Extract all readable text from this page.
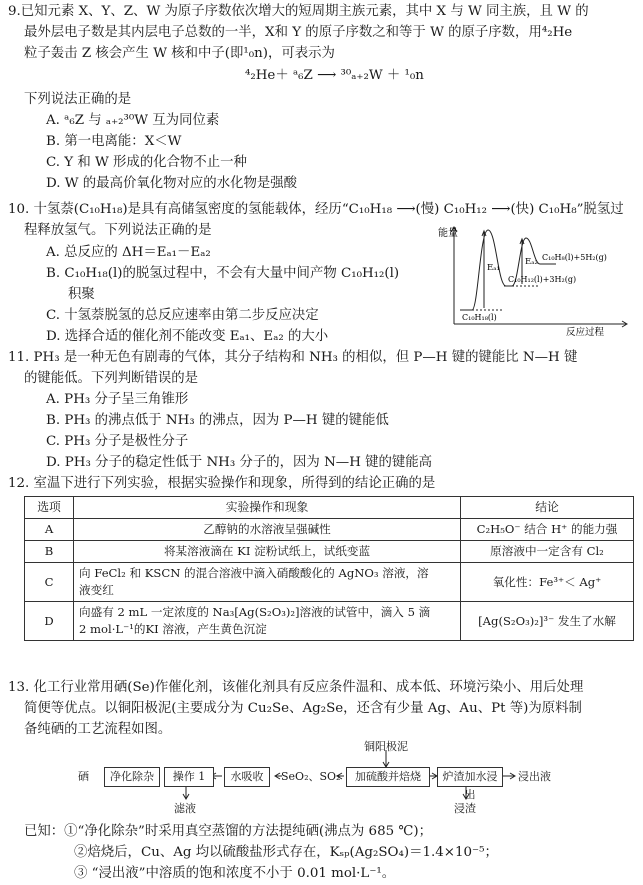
9.已知元素 X、Y、Z、W 为原子序数依次增大的短周期主族元素，其中 X 与 W 同主族，且 W 的
最外层电子数是其内层电子总数的一半，X和 Y 的原子序数之和等于 W 的原子序数，用⁴₂He
粒子轰击 Z 核会产生 W 核和中子(即¹₀n)，可表示为
⁴₂He＋ ᵃ₆Z ⟶ ³⁰ₐ₊₂W ＋ ¹₀n
下列说法正确的是
A. ᵃ₆Z 与 ₐ₊₂³⁰W 互为同位素
B. 第一电离能：X＜W
C. Y 和 W 形成的化合物不止一种
D. W 的最高价氧化物对应的水化物是强酸
10. 十氢萘(C₁₀H₁₈)是具有高储氢密度的氢能载体，经历“C₁₀H₁₈ ⟶(慢) C₁₀H₁₂ ⟶(快) C₁₀H₈”脱氢过
程释放氢气。下列说法正确的是
A. 总反应的 ΔH＝Eₐ₁－Eₐ₂
B. C₁₀H₁₈(l)的脱氢过程中，不会有大量中间产物 C₁₀H₁₂(l)
积聚
C. 十氢萘脱氢的总反应速率由第二步反应决定
D. 选择合适的催化剂不能改变 Eₐ₁、Eₐ₂ 的大小
能量
反应过程
Eₐ₁
Eₐ₂
C₁₀H₁₈(l)
C₁₀H₁₂(l)+3H₂(g)
C₁₀H₈(l)+5H₂(g)
11. PH₃ 是一种无色有剧毒的气体，其分子结构和 NH₃ 的相似，但 P—H 键的键能比 N—H 键
的键能低。下列判断错误的是
A. PH₃ 分子呈三角锥形
B. PH₃ 的沸点低于 NH₃ 的沸点，因为 P—H 键的键能低
C. PH₃ 分子是极性分子
D. PH₃ 分子的稳定性低于 NH₃ 分子的，因为 N—H 键的键能高
12. 室温下进行下列实验，根据实验操作和现象，所得到的结论正确的是
选项	实验操作和现象	结论
A	乙醇钠的水溶液呈强碱性	C₂H₅O⁻ 结合 H⁺ 的能力强
B	将某溶液滴在 KI 淀粉试纸上，试纸变蓝	原溶液中一定含有 Cl₂
C	向 FeCl₂ 和 KSCN 的混合溶液中滴入硝酸酸化的 AgNO₃ 溶液，溶
液变红	氧化性：Fe³⁺＜ Ag⁺
D	向盛有 2 mL 一定浓度的 Na₃[Ag(S₂O₃)₂]溶液的试管中，滴入 5 滴
2 mol·L⁻¹的KI 溶液，产生黄色沉淀	[Ag(S₂O₃)₂]³⁻ 发生了水解
13. 化工行业常用硒(Se)作催化剂，该催化剂具有反应条件温和、成本低、环境污染小、用后处理
简便等优点。以铜阳极泥(主要成分为 Cu₂Se、Ag₂Se，还含有少量 Ag、Au、Pt 等)为原料制
备纯硒的工艺流程如图。
铜阳极泥
硒	净化除杂	操作 1	水吸收	SeO₂、SO₂	加硫酸并焙烧	炉渣加水浸出
浸出液
滤液	浸渣
已知：①“净化除杂”时采用真空蒸馏的方法提纯硒(沸点为 685 ℃)；
②焙烧后，Cu、Ag 均以硫酸盐形式存在，Kₛₚ(Ag₂SO₄)＝1.4×10⁻⁵；
③ “浸出液”中溶质的饱和浓度不小于 0.01 mol·L⁻¹。
